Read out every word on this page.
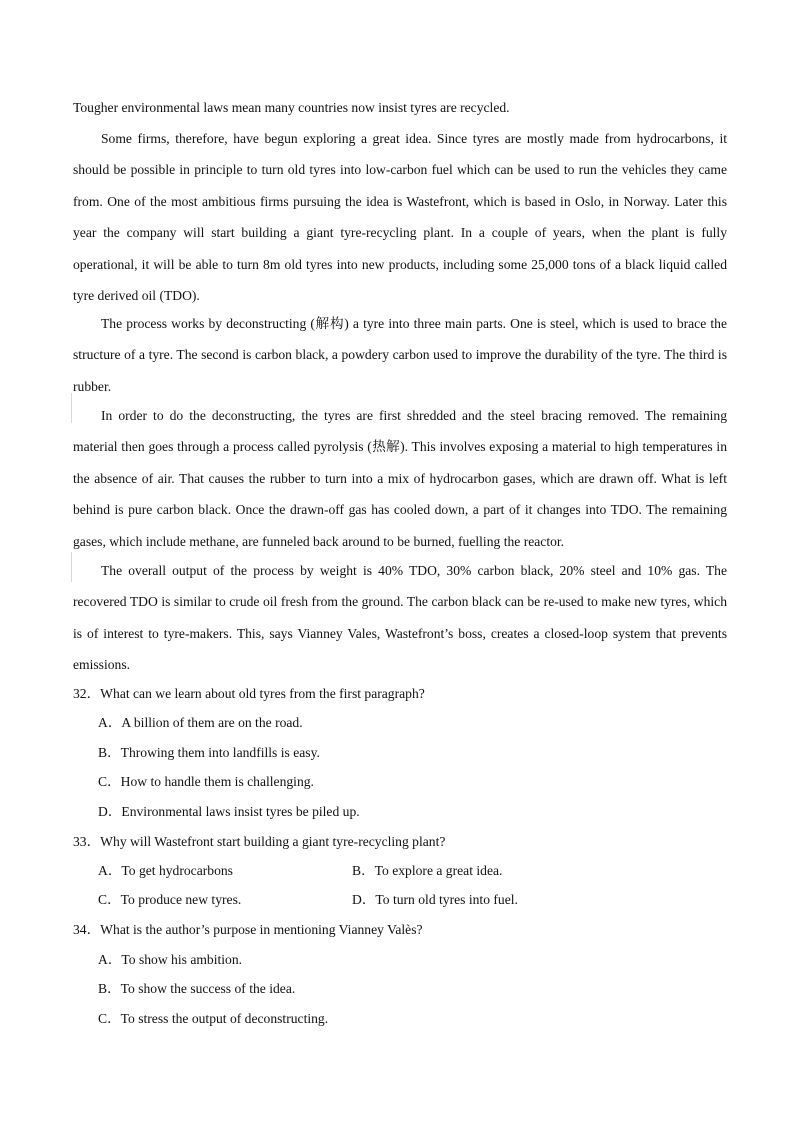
Tougher environmental laws mean many countries now insist tyres are recycled.

Some firms, therefore, have begun exploring a great idea. Since tyres are mostly made from hydrocarbons, it should be possible in principle to turn old tyres into low-carbon fuel which can be used to run the vehicles they came from. One of the most ambitious firms pursuing the idea is Wastefront, which is based in Oslo, in Norway. Later this year the company will start building a giant tyre-recycling plant. In a couple of years, when the plant is fully operational, it will be able to turn 8m old tyres into new products, including some 25,000 tons of a black liquid called tyre derived oil (TDO).

The process works by deconstructing (解构) a tyre into three main parts. One is steel, which is used to brace the structure of a tyre. The second is carbon black, a powdery carbon used to improve the durability of the tyre. The third is rubber.

In order to do the deconstructing, the tyres are first shredded and the steel bracing removed. The remaining material then goes through a process called pyrolysis (热解). This involves exposing a material to high temperatures in the absence of air. That causes the rubber to turn into a mix of hydrocarbon gases, which are drawn off. What is left behind is pure carbon black. Once the drawn-off gas has cooled down, a part of it changes into TDO. The remaining gases, which include methane, are funneled back around to be burned, fuelling the reactor.

The overall output of the process by weight is 40% TDO, 30% carbon black, 20% steel and 10% gas. The recovered TDO is similar to crude oil fresh from the ground. The carbon black can be re-used to make new tyres, which is of interest to tyre-makers. This, says Vianney Vales, Wastefront’s boss, creates a closed-loop system that prevents emissions.

32．What can we learn about old tyres from the first paragraph?
A．A billion of them are on the road.
B．Throwing them into landfills is easy.
C．How to handle them is challenging.
D．Environmental laws insist tyres be piled up.
33．Why will Wastefront start building a giant tyre-recycling plant?
A．To get hydrocarbons	B．To explore a great idea.
C．To produce new tyres.	D．To turn old tyres into fuel.
34．What is the author’s purpose in mentioning Vianney Valès?
A．To show his ambition.
B．To show the success of the idea.
C．To stress the output of deconstructing.
